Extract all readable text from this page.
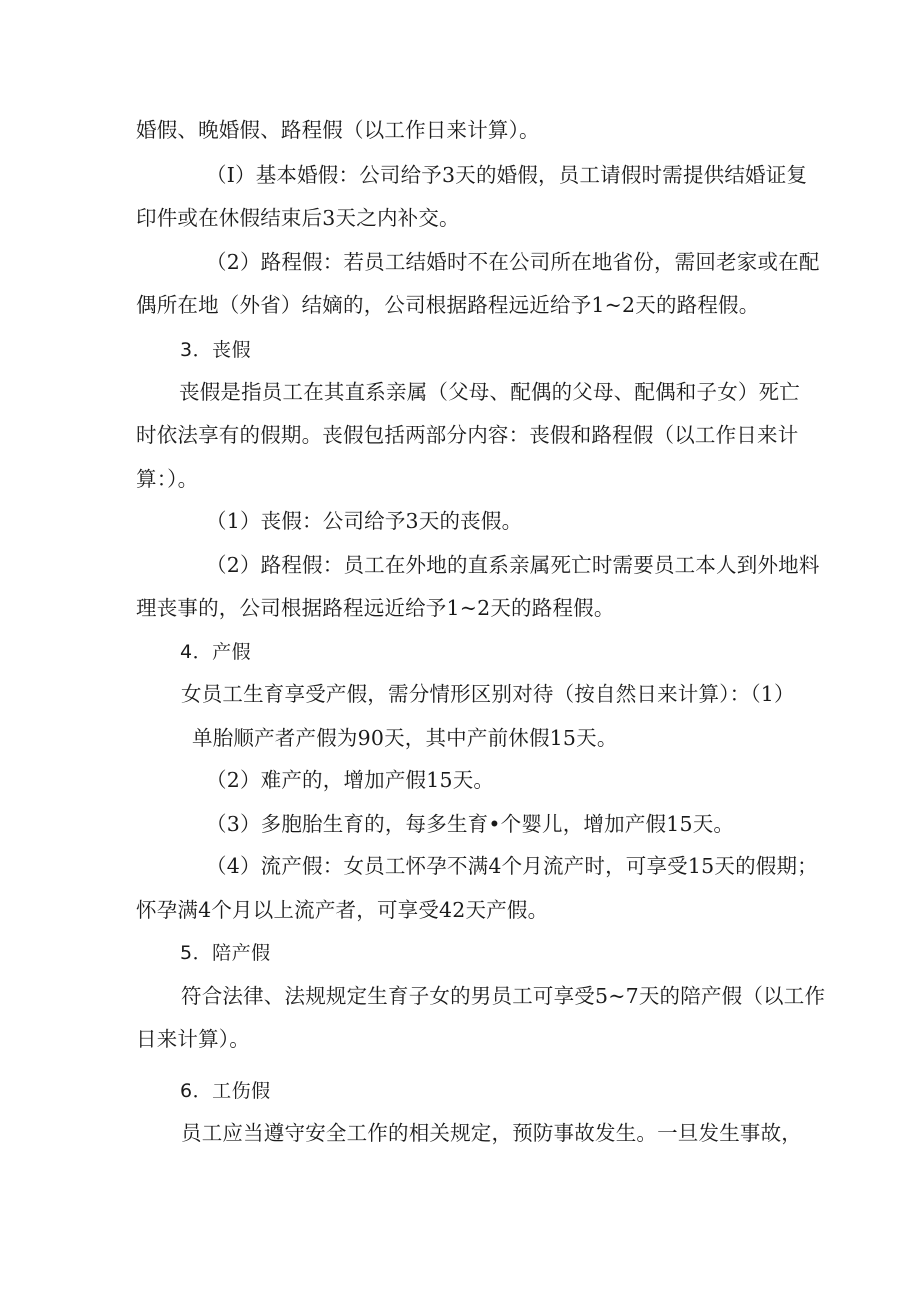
婚假、晚婚假、路程假（以工作日来计算）。
（I）基本婚假：公司给予3天的婚假，员工请假时需提供结婚证复
印件或在休假结束后3天之内补交。
（2）路程假：若员工结婚时不在公司所在地省份，需回老家或在配
偶所在地（外省）结嫡的，公司根据路程远近给予1~2天的路程假。
3．丧假
丧假是指员工在其直系亲属（父母、配偶的父母、配偶和子女）死亡
时依法享有的假期。丧假包括两部分内容：丧假和路程假（以工作日来计
算：）。
（1）丧假：公司给予3天的丧假。
（2）路程假：员工在外地的直系亲属死亡时需要员工本人到外地料
理丧事的，公司根据路程远近给予1~2天的路程假。
4．产假
女员工生育享受产假，需分情形区别对待（按自然日来计算）：（1）
单胎顺产者产假为90天，其中产前休假15天。
（2）难产的，增加产假15天。
（3）多胞胎生育的，每多生育•个婴儿，增加产假15天。
（4）流产假：女员工怀孕不满4个月流产时，可享受15天的假期；
怀孕满4个月以上流产者，可享受42天产假。
5．陪产假
符合法律、法规规定生育子女的男员工可享受5~7天的陪产假（以工作
日来计算）。
6．工伤假
员工应当遵守安全工作的相关规定，预防事故发生。一旦发生事故，
